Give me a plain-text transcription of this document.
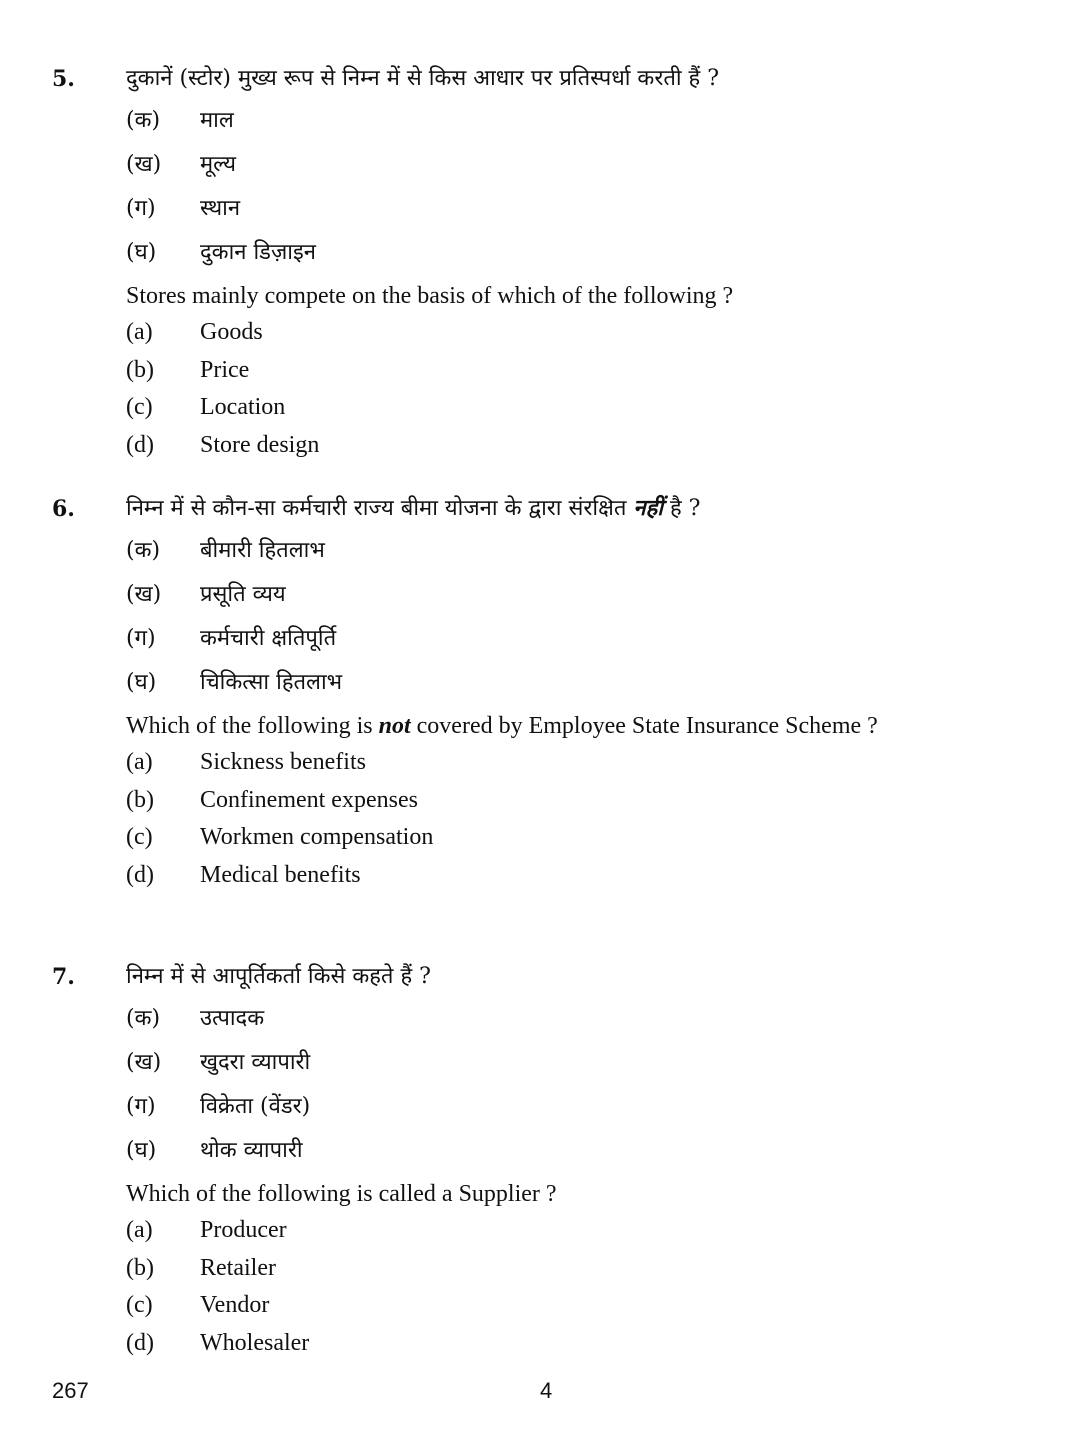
5. दुकानें (स्टोर) मुख्य रूप से निम्न में से किस आधार पर प्रतिस्पर्धा करती हैं ?
(क) माल
(ख) मूल्य
(ग) स्थान
(घ) दुकान डिज़ाइन
Stores mainly compete on the basis of which of the following ?
(a) Goods
(b) Price
(c) Location
(d) Store design
6. निम्न में से कौन-सा कर्मचारी राज्य बीमा योजना के द्वारा संरक्षित नहीं है ?
(क) बीमारी हितलाभ
(ख) प्रसूति व्यय
(ग) कर्मचारी क्षतिपूर्ति
(घ) चिकित्सा हितलाभ
Which of the following is not covered by Employee State Insurance Scheme ?
(a) Sickness benefits
(b) Confinement expenses
(c) Workmen compensation
(d) Medical benefits
7. निम्न में से आपूर्तिकर्ता किसे कहते हैं ?
(क) उत्पादक
(ख) खुदरा व्यापारी
(ग) विक्रेता (वेंडर)
(घ) थोक व्यापारी
Which of the following is called a Supplier ?
(a) Producer
(b) Retailer
(c) Vendor
(d) Wholesaler
267	4
